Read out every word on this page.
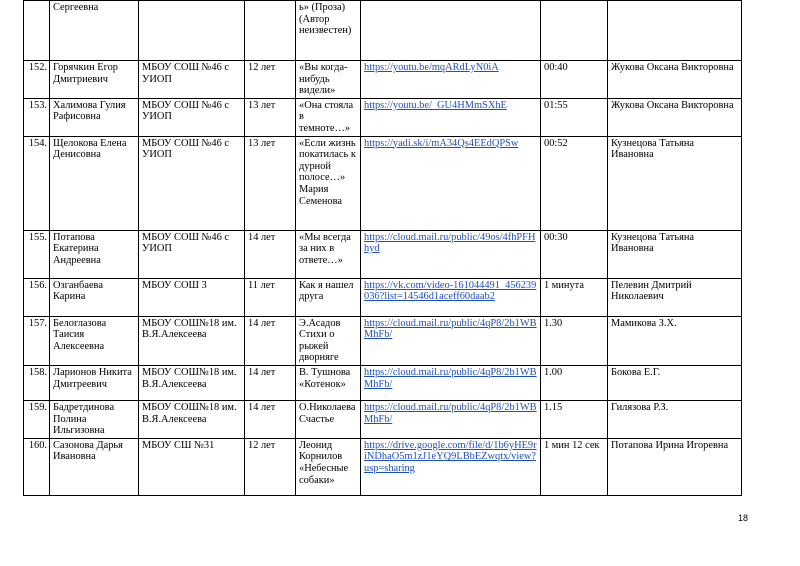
	Сергеевна			ь» (Проза) (Автор неизвестен)			
152.	Горячкин Егор Дмитриевич	МБОУ СОШ №46 с УИОП	12 лет	«Вы когда-нибудь видели»	https://youtu.be/mqARdLyN0iA	00:40	Жукова Оксана Викторовна
153.	Халимова Гулия Рафисовна	МБОУ СОШ №46 с УИОП	13 лет	«Она стояла в темноте…»	https://youtu.be/_GU4HMmSXhE	01:55	Жукова Оксана Викторовна
154.	Щелокова Елена Денисовна	МБОУ СОШ №46 с УИОП	13 лет	«Если жизнь покатилась к дурной полосе…» Мария Семенова	https://yadi.sk/i/mA34Qs4EEdQPSw	00:52	Кузнецова Татьяна Ивановна
155.	Потапова Екатерина Андреевна	МБОУ СОШ №46 с УИОП	14 лет	«Мы всегда за них в ответе…»	https://cloud.mail.ru/public/49os/4fhPFHhyd	00:30	Кузнецова Татьяна Ивановна
156.	Озганбаева Карина	МБОУ СОШ 3	11 лет	Как я нашел друга	https://vk.com/video-161044491_456239036?list=14546d1aceff60daab2	1 минута	Пелевин Дмитрий Николаевич
157.	Белоглазова Таисия Алексеевна	МБОУ СОШ№18 им. В.Я.Алексеева	14 лет	Э.Асадов Стихи о рыжей дворняге	https://cloud.mail.ru/public/4qP8/2b1WBMhFb/	1.30	Мамикова З.Х.
158.	Ларионов Никита Дмитреевич	МБОУ СОШ№18 им. В.Я.Алексеева	14 лет	В. Тушнова «Котенок»	https://cloud.mail.ru/public/4qP8/2b1WBMhFb/	1.00	Бокова Е.Г.
159.	Бадретдинова Полина Ильгизовна	МБОУ СОШ№18 им. В.Я.Алексеева	14 лет	О.Николаева Счастье	https://cloud.mail.ru/public/4qP8/2b1WBMhFb/	1.15	Гилязова Р.З.
160.	Сазонова Дарья Ивановна	МБОУ СШ №31	12 лет	Леонид Корнилов «Небесные собаки»	https://drive.google.com/file/d/1b6yHE9riNDhaO5m1zJ1eYQ9LBbEZwqtx/view?usp=sharing	1 мин 12 сек	Потапова Ирина Игоревна
18
